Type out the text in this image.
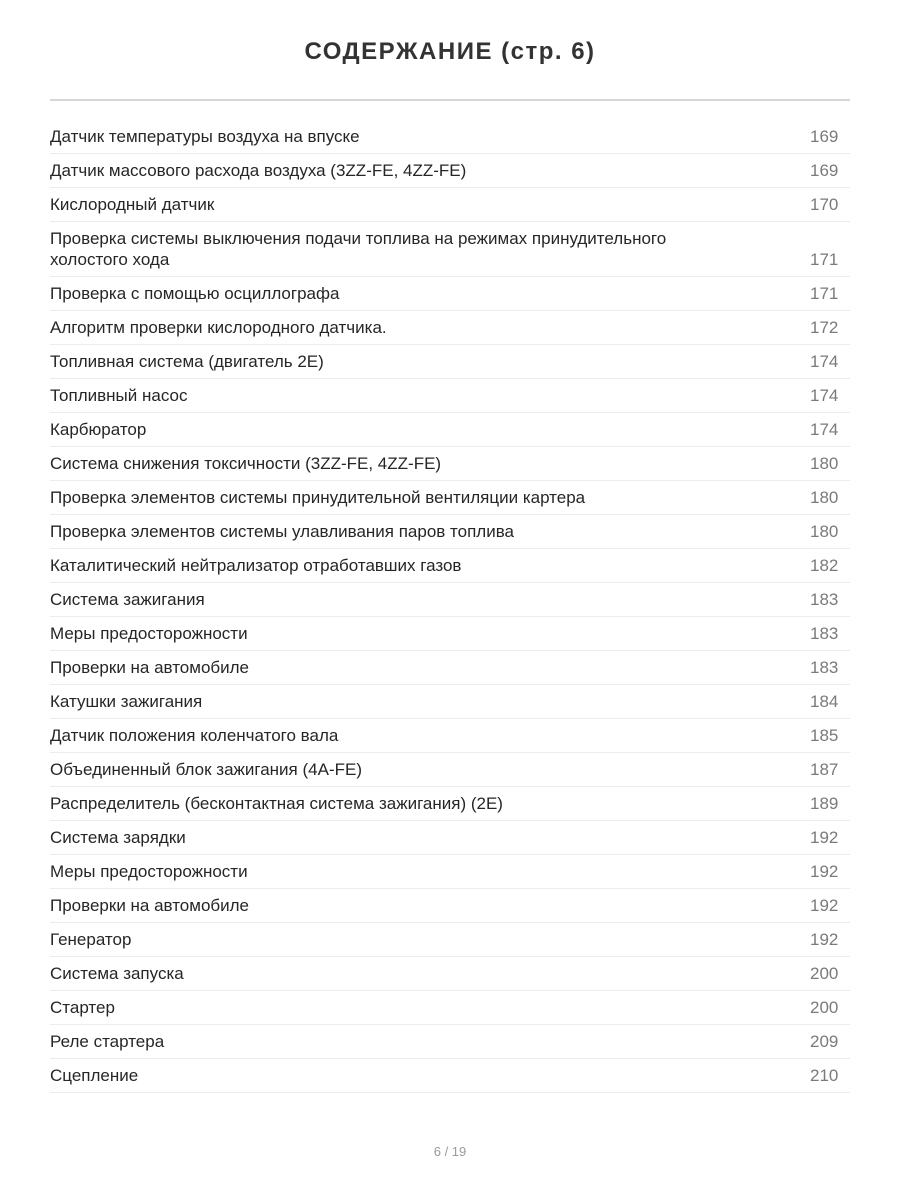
СОДЕРЖАНИЕ (стр. 6)
Датчик температуры воздуха на впуске	169
Датчик массового расхода воздуха (3ZZ-FE, 4ZZ-FE)	169
Кислородный датчик	170
Проверка системы выключения подачи топлива на режимах принудительного холостого хода	171
Проверка с помощью осциллографа	171
Алгоритм проверки кислородного датчика.	172
Топливная система (двигатель 2E)	174
Топливный насос	174
Карбюратор	174
Система снижения токсичности (3ZZ-FE, 4ZZ-FE)	180
Проверка элементов системы принудительной вентиляции картера	180
Проверка элементов системы улавливания паров топлива	180
Каталитический нейтрализатор отработавших газов	182
Система зажигания	183
Меры предосторожности	183
Проверки на автомобиле	183
Катушки зажигания	184
Датчик положения коленчатого вала	185
Объединенный блок зажигания (4A-FE)	187
Распределитель (бесконтактная система зажигания) (2E)	189
Система зарядки	192
Меры предосторожности	192
Проверки на автомобиле	192
Генератор	192
Система запуска	200
Стартер	200
Реле стартера	209
Сцепление	210
6 / 19
